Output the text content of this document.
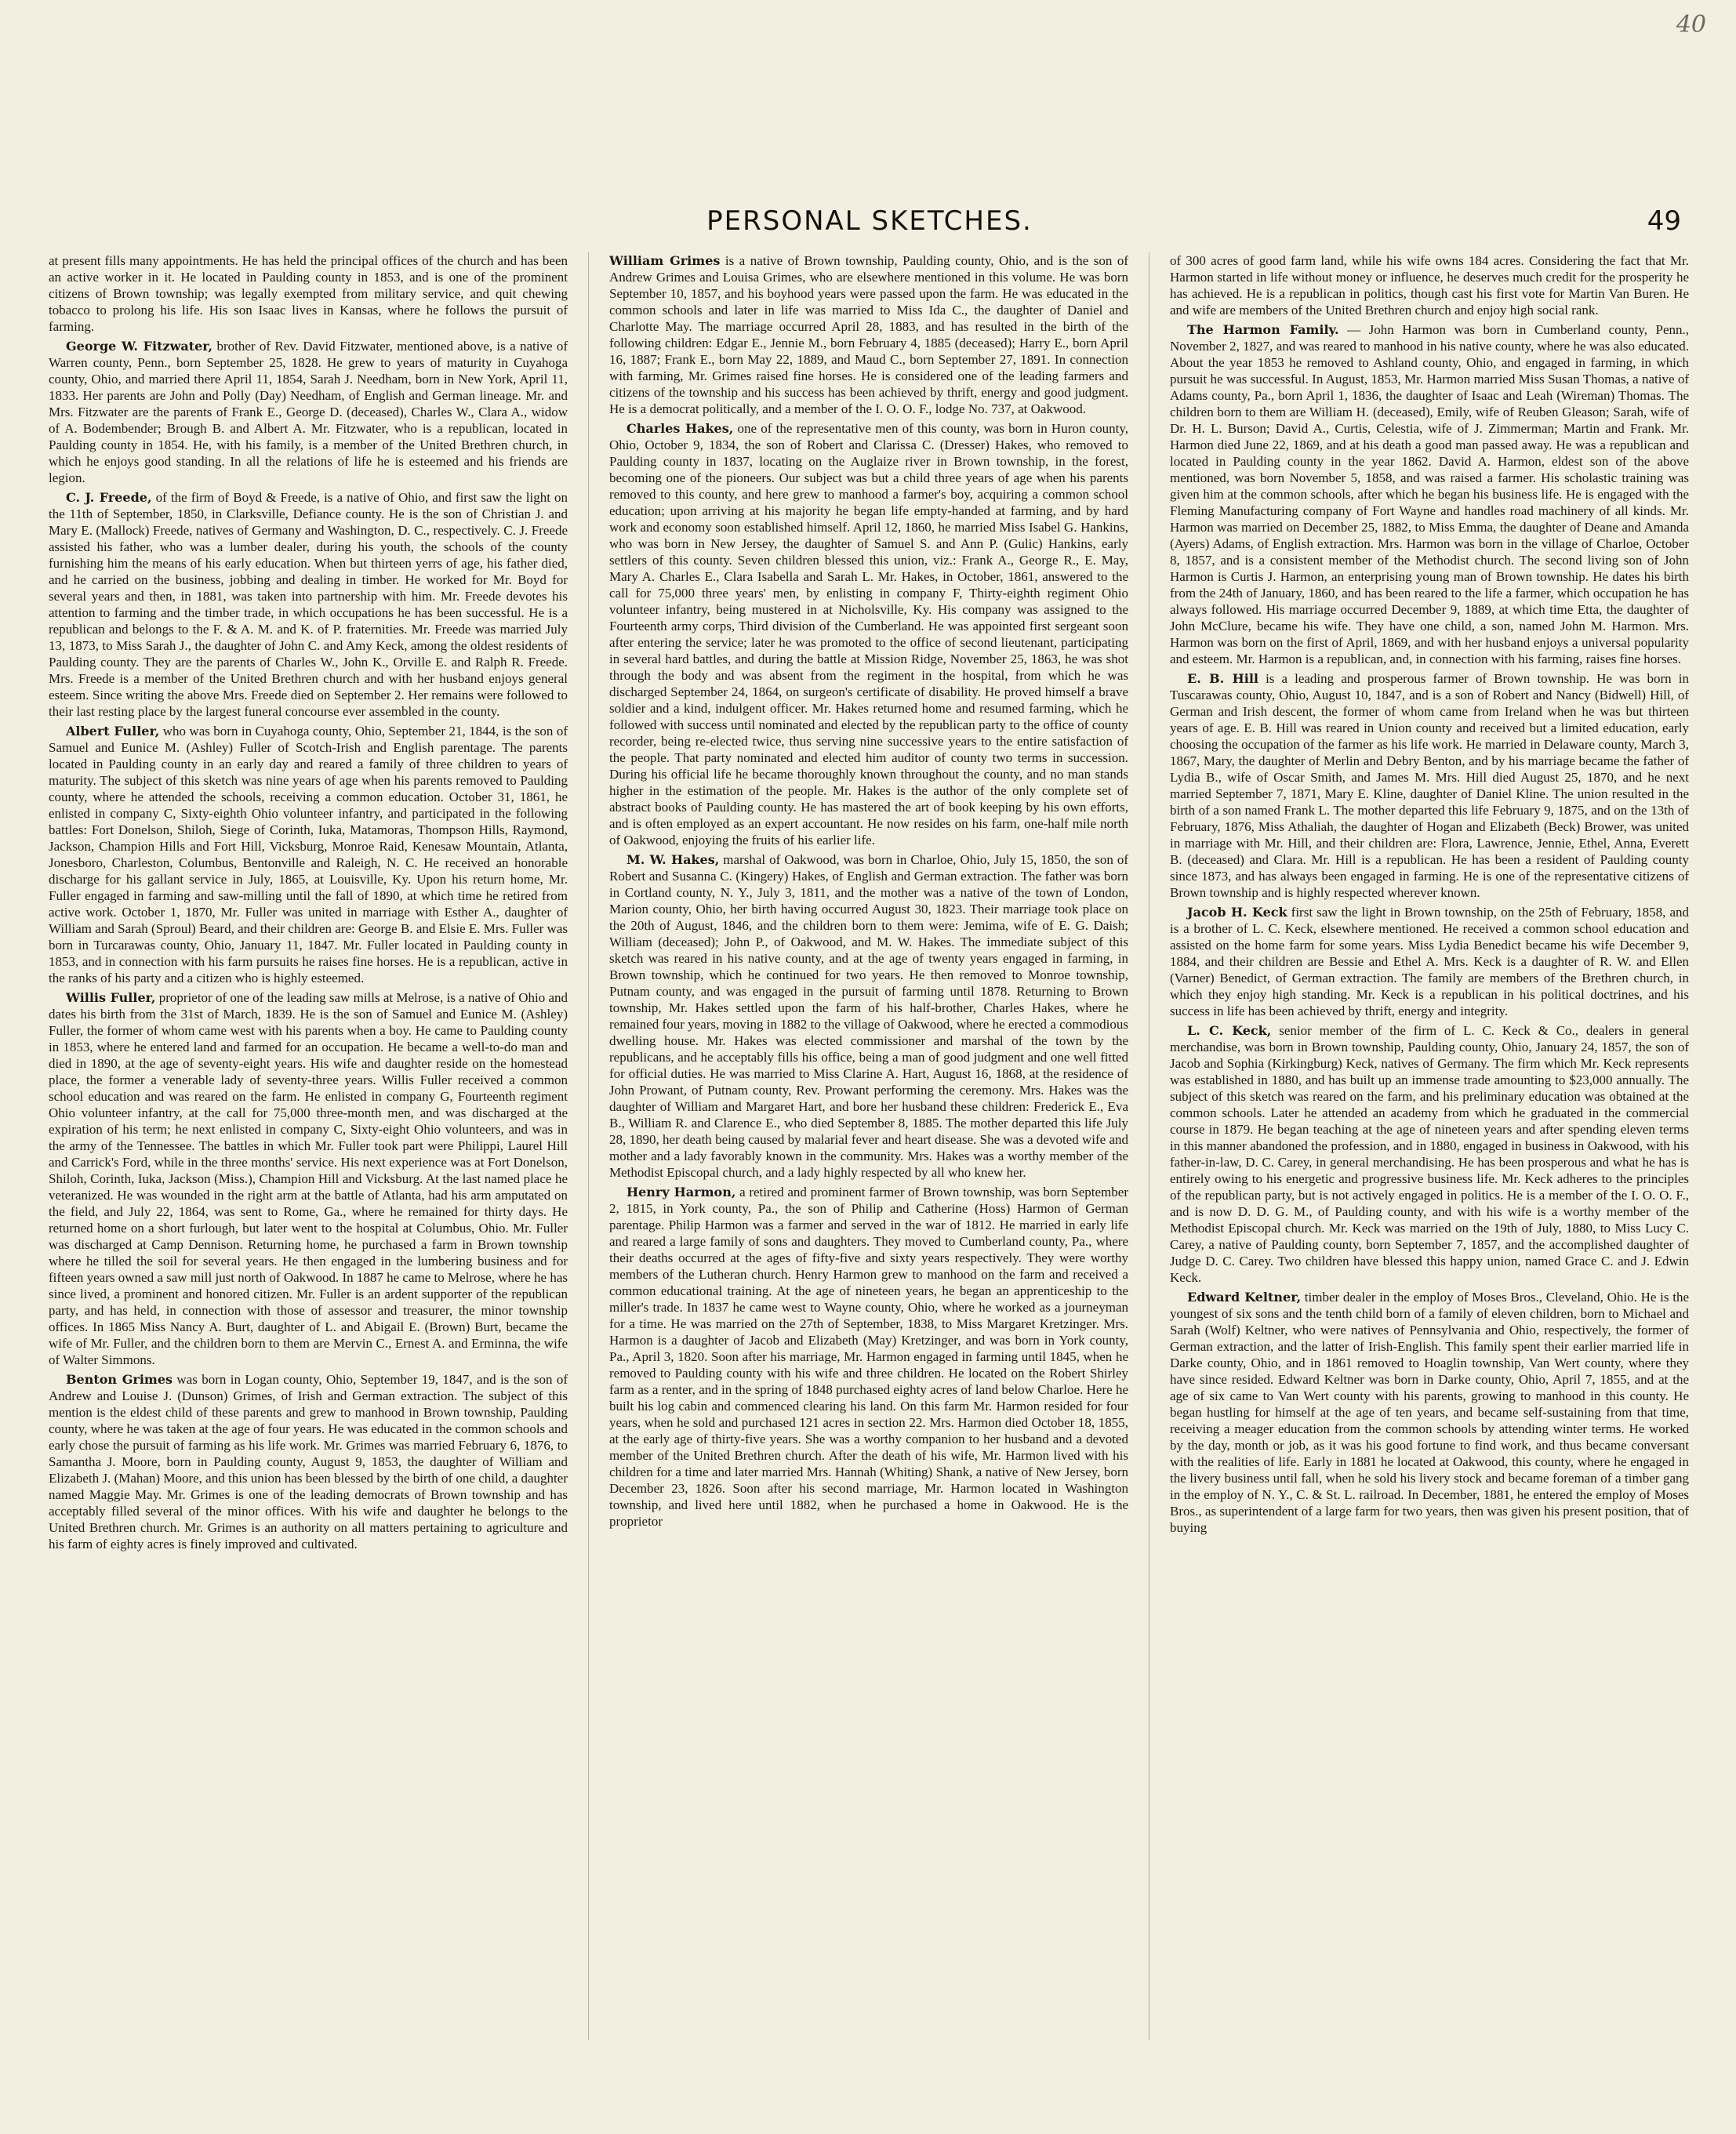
40
PERSONAL SKETCHES.	49

at present fills many appointments. He has held the principal offices of the church and has been an active worker in it. He located in Paulding county in 1853, and is one of the prominent citizens of Brown township; was legally exempted from military service, and quit chewing tobacco to prolong his life. His son Isaac lives in Kansas, where he follows the pursuit of farming.

George W. Fitzwater, brother of Rev. David Fitzwater, mentioned above, is a native of Warren county, Penn., born September 25, 1828. He grew to years of maturity in Cuyahoga county, Ohio, and married there April 11, 1854, Sarah J. Needham, born in New York, April 11, 1833. Her parents are John and Polly (Day) Needham, of English and German lineage. Mr. and Mrs. Fitzwater are the parents of Frank E., George D. (deceased), Charles W., Clara A., widow of A. Bodembender; Brough B. and Albert A. Mr. Fitzwater, who is a republican, located in Paulding county in 1854. He, with his family, is a member of the United Brethren church, in which he enjoys good standing. In all the relations of life he is esteemed and his friends are legion.

C. J. Freede, of the firm of Boyd & Freede, is a native of Ohio, and first saw the light on the 11th of September, 1850, in Clarksville, Defiance county. He is the son of Christian J. and Mary E. (Mallock) Freede, natives of Germany and Washington, D. C., respectively. C. J. Freede assisted his father, who was a lumber dealer, during his youth, the schools of the county furnishing him the means of his early education. When but thirteen yerrs of age, his father died, and he carried on the business, jobbing and dealing in timber. He worked for Mr. Boyd for several years and then, in 1881, was taken into partnership with him. Mr. Freede devotes his attention to farming and the timber trade, in which occupations he has been successful. He is a republican and belongs to the F. & A. M. and K. of P. fraternities. Mr. Freede was married July 13, 1873, to Miss Sarah J., the daughter of John C. and Amy Keck, among the oldest residents of Paulding county. They are the parents of Charles W., John K., Orville E. and Ralph R. Freede. Mrs. Freede is a member of the United Brethren church and with her husband enjoys general esteem. Since writing the above Mrs. Freede died on September 2. Her remains were followed to their last resting place by the largest funeral concourse ever assembled in the county.

Albert Fuller, who was born in Cuyahoga county, Ohio, September 21, 1844, is the son of Samuel and Eunice M. (Ashley) Fuller of Scotch-Irish and English parentage. The parents located in Paulding county in an early day and reared a family of three children to years of maturity. The subject of this sketch was nine years of age when his parents removed to Paulding county, where he attended the schools, receiving a common education. October 31, 1861, he enlisted in company C, Sixty-eighth Ohio volunteer infantry, and participated in the following battles: Fort Donelson, Shiloh, Siege of Corinth, Iuka, Matamoras, Thompson Hills, Raymond, Jackson, Champion Hills and Fort Hill, Vicksburg, Monroe Raid, Kenesaw Mountain, Atlanta, Jonesboro, Charleston, Columbus, Bentonville and Raleigh, N. C. He received an honorable discharge for his gallant service in July, 1865, at Louisville, Ky. Upon his return home, Mr. Fuller engaged in farming and saw-milling until the fall of 1890, at which time he retired from active work. October 1, 1870, Mr. Fuller was united in marriage with Esther A., daughter of William and Sarah (Sproul) Beard, and their children are: George B. and Elsie E. Mrs. Fuller was born in Turcarawas county, Ohio, January 11, 1847. Mr. Fuller located in Paulding county in 1853, and in connection with his farm pursuits he raises fine horses. He is a republican, active in the ranks of his party and a citizen who is highly esteemed.

Willis Fuller, proprietor of one of the leading saw mills at Melrose, is a native of Ohio and dates his birth from the 31st of March, 1839. He is the son of Samuel and Eunice M. (Ashley) Fuller, the former of whom came west with his parents when a boy. He came to Paulding county in 1853, where he entered land and farmed for an occupation. He became a well-to-do man and died in 1890, at the age of seventy-eight years. His wife and daughter reside on the homestead place, the former a venerable lady of seventy-three years. Willis Fuller received a common school education and was reared on the farm. He enlisted in company G, Fourteenth regiment Ohio volunteer infantry, at the call for 75,000 three-month men, and was discharged at the expiration of his term; he next enlisted in company C, Sixty-eight Ohio volunteers, and was in the army of the Tennessee. The battles in which Mr. Fuller took part were Philippi, Laurel Hill and Carrick's Ford, while in the three months' service. His next experience was at Fort Donelson, Shiloh, Corinth, Iuka, Jackson (Miss.), Champion Hill and Vicksburg. At the last named place he veteranized. He was wounded in the right arm at the battle of Atlanta, had his arm amputated on the field, and July 22, 1864, was sent to Rome, Ga., where he remained for thirty days. He returned home on a short furlough, but later went to the hospital at Columbus, Ohio. Mr. Fuller was discharged at Camp Dennison. Returning home, he purchased a farm in Brown township where he tilled the soil for several years. He then engaged in the lumbering business and for fifteen years owned a saw mill just north of Oakwood. In 1887 he came to Melrose, where he has since lived, a prominent and honored citizen. Mr. Fuller is an ardent supporter of the republican party, and has held, in connection with those of assessor and treasurer, the minor township offices. In 1865 Miss Nancy A. Burt, daughter of L. and Abigail E. (Brown) Burt, became the wife of Mr. Fuller, and the children born to them are Mervin C., Ernest A. and Erminna, the wife of Walter Simmons.

Benton Grimes was born in Logan county, Ohio, September 19, 1847, and is the son of Andrew and Louise J. (Dunson) Grimes, of Irish and German extraction. The subject of this mention is the eldest child of these parents and grew to manhood in Brown township, Paulding county, where he was taken at the age of four years. He was educated in the common schools and early chose the pursuit of farming as his life work. Mr. Grimes was married February 6, 1876, to Samantha J. Moore, born in Paulding county, August 9, 1853, the daughter of William and Elizabeth J. (Mahan) Moore, and this union has been blessed by the birth of one child, a daughter named Maggie May. Mr. Grimes is one of the leading democrats of Brown township and has acceptably filled several of the minor offices. With his wife and daughter he belongs to the United Brethren church. Mr. Grimes is an authority on all matters pertaining to agriculture and his farm of eighty acres is finely improved and cultivated.

William Grimes is a native of Brown township, Paulding county, Ohio, and is the son of Andrew Grimes and Louisa Grimes, who are elsewhere mentioned in this volume. He was born September 10, 1857, and his boyhood years were passed upon the farm. He was educated in the common schools and later in life was married to Miss Ida C., the daughter of Daniel and Charlotte May. The marriage occurred April 28, 1883, and has resulted in the birth of the following children: Edgar E., Jennie M., born February 4, 1885 (deceased); Harry E., born April 16, 1887; Frank E., born May 22, 1889, and Maud C., born September 27, 1891. In connection with farming, Mr. Grimes raised fine horses. He is considered one of the leading farmers and citizens of the township and his success has been achieved by thrift, energy and good judgment. He is a democrat politically, and a member of the I. O. O. F., lodge No. 737, at Oakwood.

Charles Hakes, one of the representative men of this county, was born in Huron county, Ohio, October 9, 1834, the son of Robert and Clarissa C. (Dresser) Hakes, who removed to Paulding county in 1837, locating on the Auglaize river in Brown township, in the forest, becoming one of the pioneers. Our subject was but a child three years of age when his parents removed to this county, and here grew to manhood a farmer's boy, acquiring a common school education; upon arriving at his majority he began life empty-handed at farming, and by hard work and economy soon established himself. April 12, 1860, he married Miss Isabel G. Hankins, who was born in New Jersey, the daughter of Samuel S. and Ann P. (Gulic) Hankins, early settlers of this county. Seven children blessed this union, viz.: Frank A., George R., E. May, Mary A. Charles E., Clara Isabella and Sarah L. Mr. Hakes, in October, 1861, answered to the call for 75,000 three years' men, by enlisting in company F, Thirty-eighth regiment Ohio volunteer infantry, being mustered in at Nicholsville, Ky. His company was assigned to the Fourteenth army corps, Third division of the Cumberland. He was appointed first sergeant soon after entering the service; later he was promoted to the office of second lieutenant, participating in several hard battles, and during the battle at Mission Ridge, November 25, 1863, he was shot through the body and was absent from the regiment in the hospital, from which he was discharged September 24, 1864, on surgeon's certificate of disability. He proved himself a brave soldier and a kind, indulgent officer. Mr. Hakes returned home and resumed farming, which he followed with success until nominated and elected by the republican party to the office of county recorder, being re-elected twice, thus serving nine successive years to the entire satisfaction of the people. That party nominated and elected him auditor of county two terms in succession. During his official life he became thoroughly known throughout the county, and no man stands higher in the estimation of the people. Mr. Hakes is the author of the only complete set of abstract books of Paulding county. He has mastered the art of book keeping by his own efforts, and is often employed as an expert accountant. He now resides on his farm, one-half mile north of Oakwood, enjoying the fruits of his earlier life.

M. W. Hakes, marshal of Oakwood, was born in Charloe, Ohio, July 15, 1850, the son of Robert and Susanna C. (Kingery) Hakes, of English and German extraction. The father was born in Cortland county, N. Y., July 3, 1811, and the mother was a native of the town of London, Marion county, Ohio, her birth having occurred August 30, 1823. Their marriage took place on the 20th of August, 1846, and the children born to them were: Jemima, wife of E. G. Daish; William (deceased); John P., of Oakwood, and M. W. Hakes. The immediate subject of this sketch was reared in his native county, and at the age of twenty years engaged in farming, in Brown township, which he continued for two years. He then removed to Monroe township, Putnam county, and was engaged in the pursuit of farming until 1878. Returning to Brown township, Mr. Hakes settled upon the farm of his half-brother, Charles Hakes, where he remained four years, moving in 1882 to the village of Oakwood, where he erected a commodious dwelling house. Mr. Hakes was elected commissioner and marshal of the town by the republicans, and he acceptably fills his office, being a man of good judgment and one well fitted for official duties. He was married to Miss Clarine A. Hart, August 16, 1868, at the residence of John Prowant, of Putnam county, Rev. Prowant performing the ceremony. Mrs. Hakes was the daughter of William and Margaret Hart, and bore her husband these children: Frederick E., Eva B., William R. and Clarence E., who died September 8, 1885. The mother departed this life July 28, 1890, her death being caused by malarial fever and heart disease. She was a devoted wife and mother and a lady favorably known in the community. Mrs. Hakes was a worthy member of the Methodist Episcopal church, and a lady highly respected by all who knew her.

Henry Harmon, a retired and prominent farmer of Brown township, was born September 2, 1815, in York county, Pa., the son of Philip and Catherine (Hoss) Harmon of German parentage. Philip Harmon was a farmer and served in the war of 1812. He married in early life and reared a large family of sons and daughters. They moved to Cumberland county, Pa., where their deaths occurred at the ages of fifty-five and sixty years respectively. They were worthy members of the Lutheran church. Henry Harmon grew to manhood on the farm and received a common educational training. At the age of nineteen years, he began an apprenticeship to the miller's trade. In 1837 he came west to Wayne county, Ohio, where he worked as a journeyman for a time. He was married on the 27th of September, 1838, to Miss Margaret Kretzinger. Mrs. Harmon is a daughter of Jacob and Elizabeth (May) Kretzinger, and was born in York county, Pa., April 3, 1820. Soon after his marriage, Mr. Harmon engaged in farming until 1845, when he removed to Paulding county with his wife and three children. He located on the Robert Shirley farm as a renter, and in the spring of 1848 purchased eighty acres of land below Charloe. Here he built his log cabin and commenced clearing his land. On this farm Mr. Harmon resided for four years, when he sold and purchased 121 acres in section 22. Mrs. Harmon died October 18, 1855, at the early age of thirty-five years. She was a worthy companion to her husband and a devoted member of the United Brethren church. After the death of his wife, Mr. Harmon lived with his children for a time and later married Mrs. Hannah (Whiting) Shank, a native of New Jersey, born December 23, 1826. Soon after his second marriage, Mr. Harmon located in Washington township, and lived here until 1882, when he purchased a home in Oakwood. He is the proprietor

of 300 acres of good farm land, while his wife owns 184 acres. Considering the fact that Mr. Harmon started in life without money or influence, he deserves much credit for the prosperity he has achieved. He is a republican in politics, though cast his first vote for Martin Van Buren. He and wife are members of the United Brethren church and enjoy high social rank.

The Harmon Family. — John Harmon was born in Cumberland county, Penn., November 2, 1827, and was reared to manhood in his native county, where he was also educated. About the year 1853 he removed to Ashland county, Ohio, and engaged in farming, in which pursuit he was successful. In August, 1853, Mr. Harmon married Miss Susan Thomas, a native of Adams county, Pa., born April 1, 1836, the daughter of Isaac and Leah (Wireman) Thomas. The children born to them are William H. (deceased), Emily, wife of Reuben Gleason; Sarah, wife of Dr. H. L. Burson; David A., Curtis, Celestia, wife of J. Zimmerman; Martin and Frank. Mr. Harmon died June 22, 1869, and at his death a good man passed away. He was a republican and located in Paulding county in the year 1862. David A. Harmon, eldest son of the above mentioned, was born November 5, 1858, and was raised a farmer. His scholastic training was given him at the common schools, after which he began his business life. He is engaged with the Fleming Manufacturing company of Fort Wayne and handles road machinery of all kinds. Mr. Harmon was married on December 25, 1882, to Miss Emma, the daughter of Deane and Amanda (Ayers) Adams, of English extraction. Mrs. Harmon was born in the village of Charloe, October 8, 1857, and is a consistent member of the Methodist church. The second living son of John Harmon is Curtis J. Harmon, an enterprising young man of Brown township. He dates his birth from the 24th of January, 1860, and has been reared to the life a farmer, which occupation he has always followed. His marriage occurred December 9, 1889, at which time Etta, the daughter of John McClure, became his wife. They have one child, a son, named John M. Harmon. Mrs. Harmon was born on the first of April, 1869, and with her husband enjoys a universal popularity and esteem. Mr. Harmon is a republican, and, in connection with his farming, raises fine horses.

E. B. Hill is a leading and prosperous farmer of Brown township. He was born in Tuscarawas county, Ohio, August 10, 1847, and is a son of Robert and Nancy (Bidwell) Hill, of German and Irish descent, the former of whom came from Ireland when he was but thirteen years of age. E. B. Hill was reared in Union county and received but a limited education, early choosing the occupation of the farmer as his life work. He married in Delaware county, March 3, 1867, Mary, the daughter of Merlin and Debry Benton, and by his marriage became the father of Lydia B., wife of Oscar Smith, and James M. Mrs. Hill died August 25, 1870, and he next married September 7, 1871, Mary E. Kline, daughter of Daniel Kline. The union resulted in the birth of a son named Frank L. The mother departed this life February 9, 1875, and on the 13th of February, 1876, Miss Athaliah, the daughter of Hogan and Elizabeth (Beck) Brower, was united in marriage with Mr. Hill, and their children are: Flora, Lawrence, Jennie, Ethel, Anna, Everett B. (deceased) and Clara. Mr. Hill is a republican. He has been a resident of Paulding county since 1873, and has always been engaged in farming. He is one of the representative citizens of Brown township and is highly respected wherever known.

Jacob H. Keck first saw the light in Brown township, on the 25th of February, 1858, and is a brother of L. C. Keck, elsewhere mentioned. He received a common school education and assisted on the home farm for some years. Miss Lydia Benedict became his wife December 9, 1884, and their children are Bessie and Ethel A. Mrs. Keck is a daughter of R. W. and Ellen (Varner) Benedict, of German extraction. The family are members of the Brethren church, in which they enjoy high standing. Mr. Keck is a republican in his political doctrines, and his success in life has been achieved by thrift, energy and integrity.

L. C. Keck, senior member of the firm of L. C. Keck & Co., dealers in general merchandise, was born in Brown township, Paulding county, Ohio, January 24, 1857, the son of Jacob and Sophia (Kirkingburg) Keck, natives of Germany. The firm which Mr. Keck represents was established in 1880, and has built up an immense trade amounting to $23,000 annually. The subject of this sketch was reared on the farm, and his preliminary education was obtained at the common schools. Later he attended an academy from which he graduated in the commercial course in 1879. He began teaching at the age of nineteen years and after spending eleven terms in this manner abandoned the profession, and in 1880, engaged in business in Oakwood, with his father-in-law, D. C. Carey, in general merchandising. He has been prosperous and what he has is entirely owing to his energetic and progressive business life. Mr. Keck adheres to the principles of the republican party, but is not actively engaged in politics. He is a member of the I. O. O. F., and is now D. D. G. M., of Paulding county, and with his wife is a worthy member of the Methodist Episcopal church. Mr. Keck was married on the 19th of July, 1880, to Miss Lucy C. Carey, a native of Paulding county, born September 7, 1857, and the accomplished daughter of Judge D. C. Carey. Two children have blessed this happy union, named Grace C. and J. Edwin Keck.

Edward Keltner, timber dealer in the employ of Moses Bros., Cleveland, Ohio. He is the youngest of six sons and the tenth child born of a family of eleven children, born to Michael and Sarah (Wolf) Keltner, who were natives of Pennsylvania and Ohio, respectively, the former of German extraction, and the latter of Irish-English. This family spent their earlier married life in Darke county, Ohio, and in 1861 removed to Hoaglin township, Van Wert county, where they have since resided. Edward Keltner was born in Darke county, Ohio, April 7, 1855, and at the age of six came to Van Wert county with his parents, growing to manhood in this county. He began hustling for himself at the age of ten years, and became self-sustaining from that time, receiving a meager education from the common schools by attending winter terms. He worked by the day, month or job, as it was his good fortune to find work, and thus became conversant with the realities of life. Early in 1881 he located at Oakwood, this county, where he engaged in the livery business until fall, when he sold his livery stock and became foreman of a timber gang in the employ of N. Y., C. & St. L. railroad. In December, 1881, he entered the employ of Moses Bros., as superintendent of a large farm for two years, then was given his present position, that of buying
